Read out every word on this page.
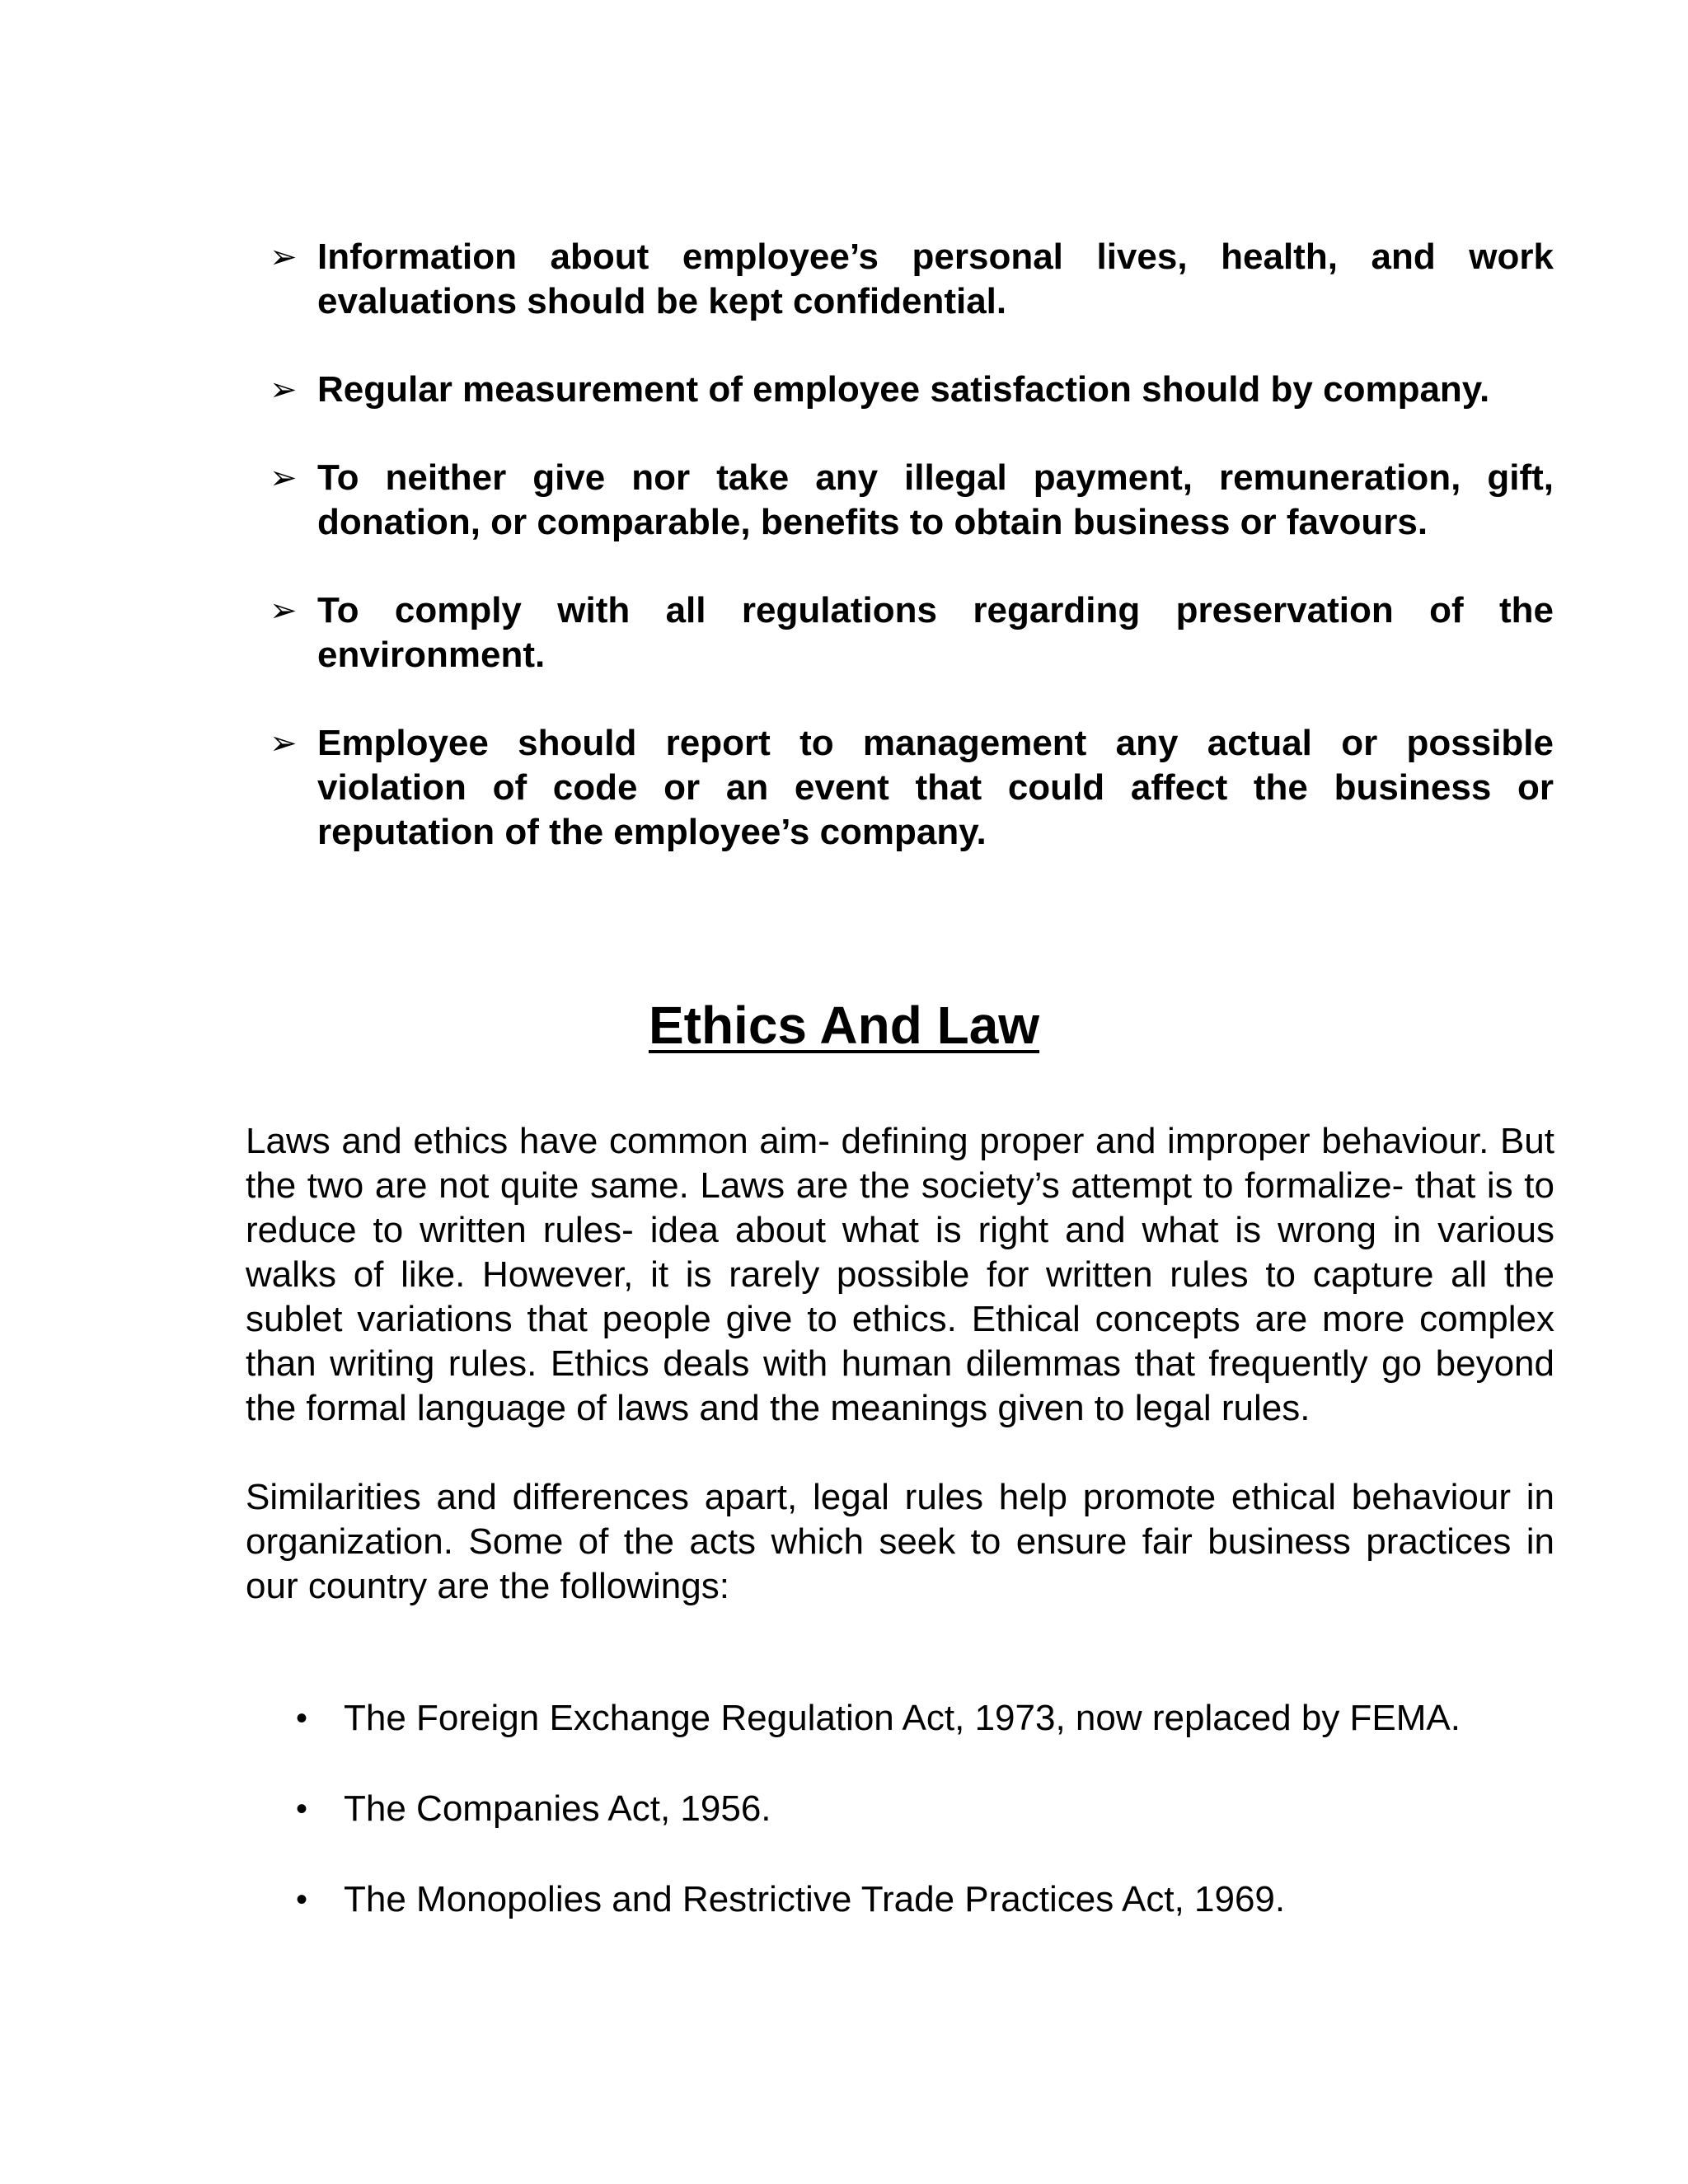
➢ Information about employee’s personal lives, health, and work evaluations should be kept confidential.
➢ Regular measurement of employee satisfaction should by company.
➢ To neither give nor take any illegal payment, remuneration, gift, donation, or comparable, benefits to obtain business or favours.
➢ To comply with all regulations regarding preservation of the environment.
➢ Employee should report to management any actual or possible violation of code or an event that could affect the business or reputation of the employee’s company.
Ethics And Law

Laws and ethics have common aim- defining proper and improper behaviour. But the two are not quite same. Laws are the society’s attempt to formalize- that is to reduce to written rules- idea about what is right and what is wrong in various walks of like. However, it is rarely possible for written rules to capture all the sublet variations that people give to ethics. Ethical concepts are more complex than writing rules. Ethics deals with human dilemmas that frequently go beyond the formal language of laws and the meanings given to legal rules.

Similarities and differences apart, legal rules help promote ethical behaviour in organization. Some of the acts which seek to ensure fair business practices in our country are the followings:

• The Foreign Exchange Regulation Act, 1973, now replaced by FEMA.
• The Companies Act, 1956.
• The Monopolies and Restrictive Trade Practices Act, 1969.
